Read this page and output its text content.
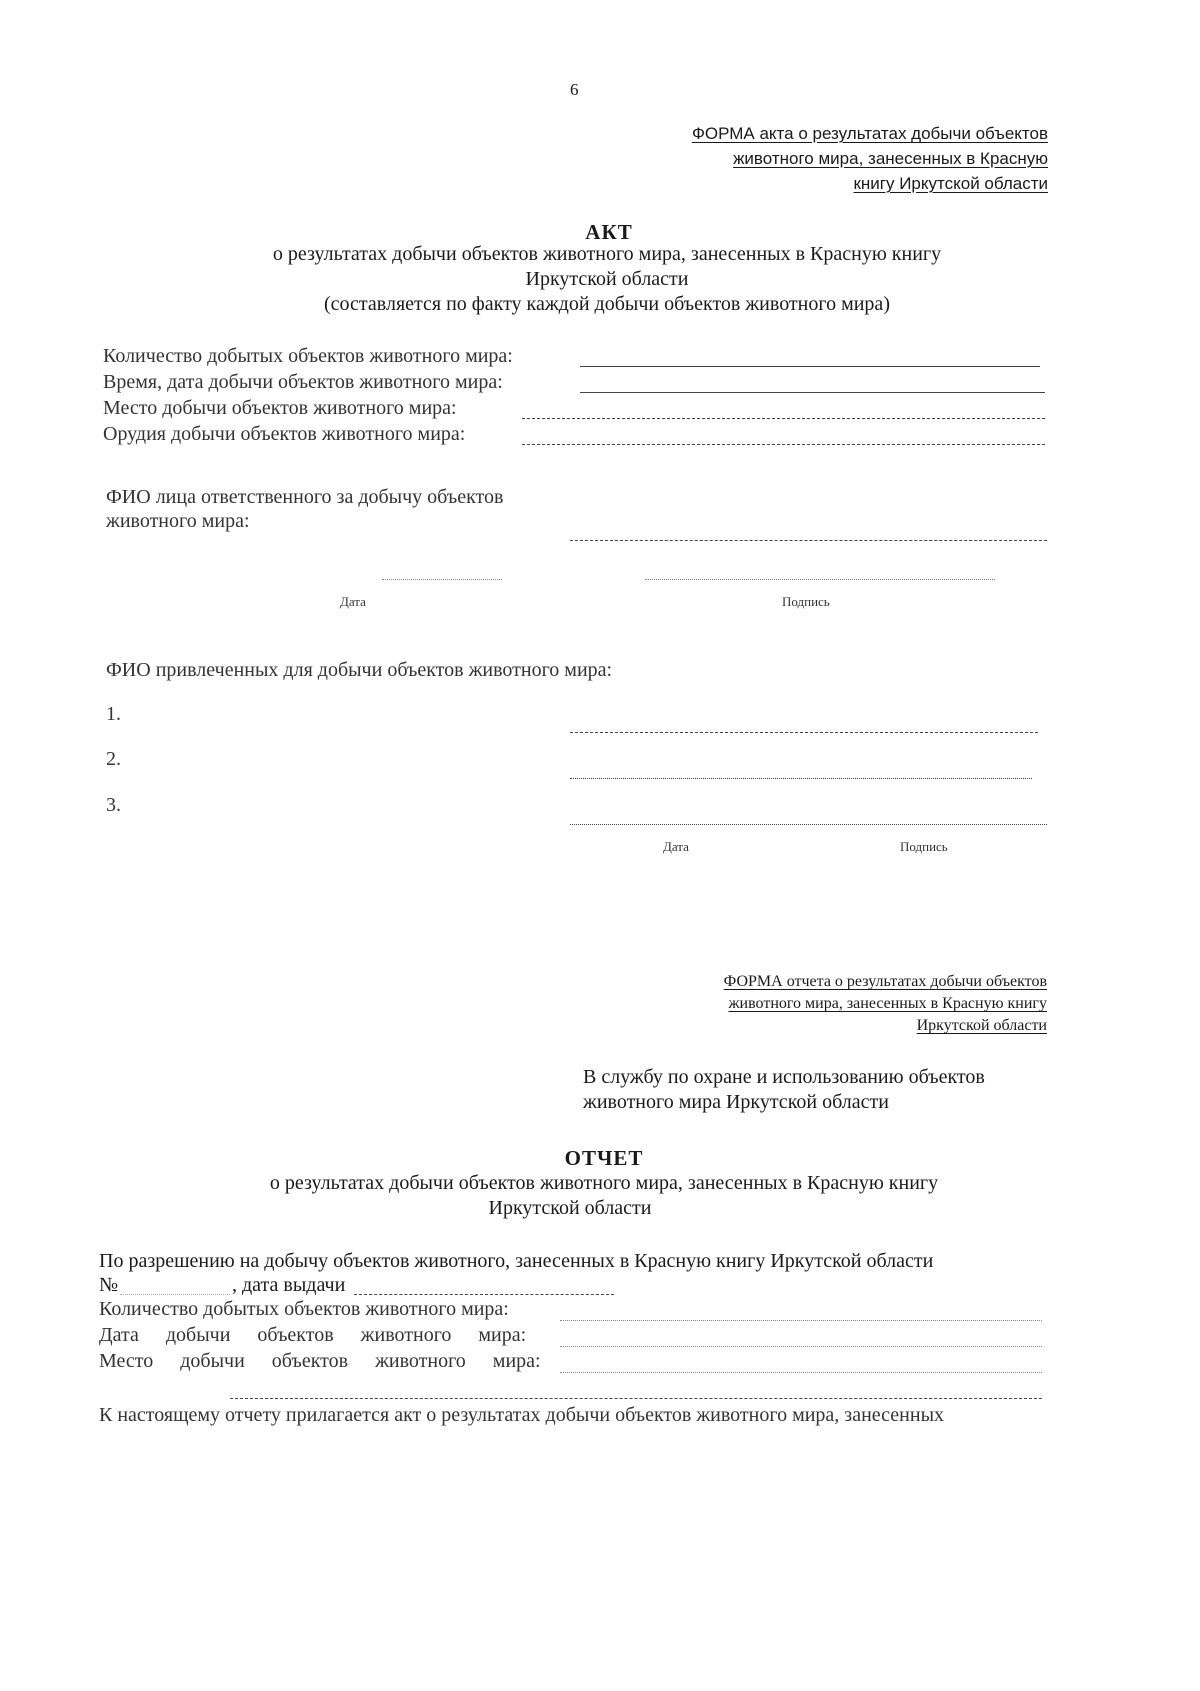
6
ФОРМА акта о результатах добычи объектов
животного мира, занесенных в Красную
книгу Иркутской области
АКТ
о результатах добычи объектов животного мира, занесенных в Красную книгу
Иркутской области
(составляется по факту каждой добычи объектов животного мира)
Количество добытых объектов животного мира:
Время, дата добычи объектов животного мира:
Место добычи объектов животного мира:
Орудия добычи объектов животного мира:
ФИО лица ответственного за добычу объектов
животного мира:
Дата	Подпись
ФИО привлеченных для добычи объектов животного мира:
1.
2.
3.
Дата	Подпись
ФОРМА отчета о результатах добычи объектов
животного мира, занесенных в Красную книгу
Иркутской области
В службу по охране и использованию объектов
животного мира Иркутской области
ОТЧЕТ
о результатах добычи объектов животного мира, занесенных в Красную книгу
Иркутской области
По разрешению на добычу объектов животного, занесенных в Красную книгу Иркутской области
№	, дата выдачи
Количество добытых объектов животного мира:
Дата добычи объектов животного мира:
Место добычи объектов животного мира:
К настоящему отчету прилагается акт о результатах добычи объектов животного мира, занесенных
